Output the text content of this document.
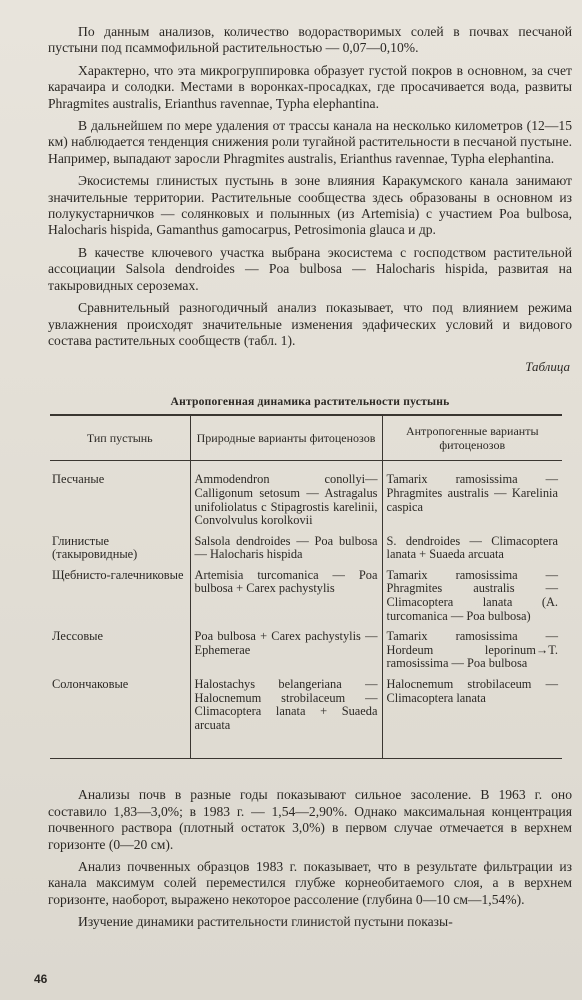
По данным анализов, количество водорастворимых солей в почвах песчаной пустыни под псаммофильной растительностью — 0,07—0,10%.

Характерно, что эта микрогруппировка образует густой покров в основном, за счет карачаира и солодки. Местами в воронках-просадках, где просачивается вода, развиты Phragmites australis, Erianthus ravennae, Typha elephantina.

В дальнейшем по мере удаления от трассы канала на несколько километров (12—15 км) наблюдается тенденция снижения роли тугайной растительности в песчаной пустыне. Например, выпадают заросли Phragmites australis, Erianthus ravennae, Typha elephantina.

Экосистемы глинистых пустынь в зоне влияния Каракумского канала занимают значительные территории. Растительные сообщества здесь образованы в основном из полукустарничков — солянковых и полынных (из Artemisia) с участием Poa bulbosa, Halocharis hispida, Gamanthus gamocarpus, Petrosimonia glauca и др.

В качестве ключевого участка выбрана экосистема с господством растительной ассоциации Salsola dendroides — Poa bulbosa — Halocharis hispida, развитая на такыровидных сероземах.

Сравнительный разногодичный анализ показывает, что под влиянием режима увлажнения происходят значительные изменения эдафических условий и видового состава растительных сообществ (табл. 1).

Таблица
Антропогенная динамика растительности пустынь
Тип пустынь	Природные варианты фитоценозов	Антропогенные варианты фитоценозов
Песчаные	Ammodendron conollyi—Calligonum setosum — Astragalus unifoliolatus с Stipagrostis karelinii, Convolvulus korolkovii	Tamarix ramosissima — Phragmites australis — Karelinia caspica
Глинистые (такыровидные)	Salsola dendroides — Poa bulbosa — Halocharis hispida	S. dendroides — Climacoptera lanata + Suaeda arcuata
Щебнисто-галечниковые	Artemisia turcomanica — Poa bulbosa + Carex pachystylis	Tamarix ramosissima — Phragmites australis — Climacoptera lanata (A. turcomanica — Poa bulbosa)
Лессовые	Poa bulbosa + Carex pachystylis — Ephemerae	Tamarix ramosissima — Hordeum leporinum→T. ramosissima — Poa bulbosa
Солончаковые	Halostachys belangeriana — Halocnemum strobilaceum — Climacoptera lanata + Suaeda arcuata	Halocnemum strobilaceum — Climacoptera lanata

Анализы почв в разные годы показывают сильное засоление. В 1963 г. оно составило 1,83—3,0%; в 1983 г. — 1,54—2,90%. Однако максимальная концентрация почвенного раствора (плотный остаток 3,0%) в первом случае отмечается в верхнем горизонте (0—20 см).

Анализ почвенных образцов 1983 г. показывает, что в результате фильтрации из канала максимум солей переместился глубже корнеобитаемого слоя, а в верхнем горизонте, наоборот, выражено некоторое рассоление (глубина 0—10 см—1,54%).

Изучение динамики растительности глинистой пустыни показы-

46
